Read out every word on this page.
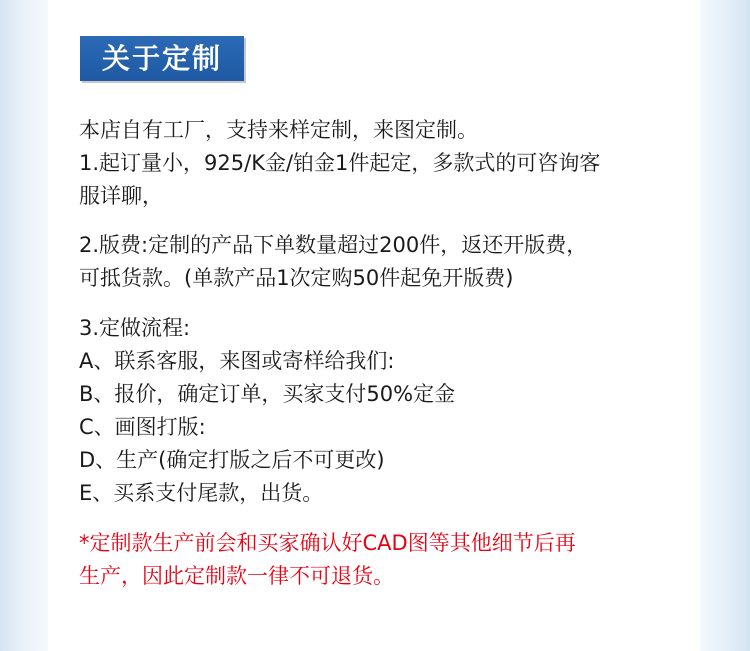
关于定制
本店自有工厂，支持来样定制，来图定制。
1.起订量小，925/K金/铂金1件起定，多款式的可咨询客
服详聊，
2.版费:定制的产品下单数量超过200件，返还开版费，
可抵货款。(单款产品1次定购50件起免开版费)
3.定做流程:
A、联系客服，来图或寄样给我们:
B、报价，确定订单，买家支付50%定金
C、画图打版:
D、生产(确定打版之后不可更改)
E、买系支付尾款，出货。
*定制款生产前会和买家确认好CAD图等其他细节后再
生产，因此定制款一律不可退货。
